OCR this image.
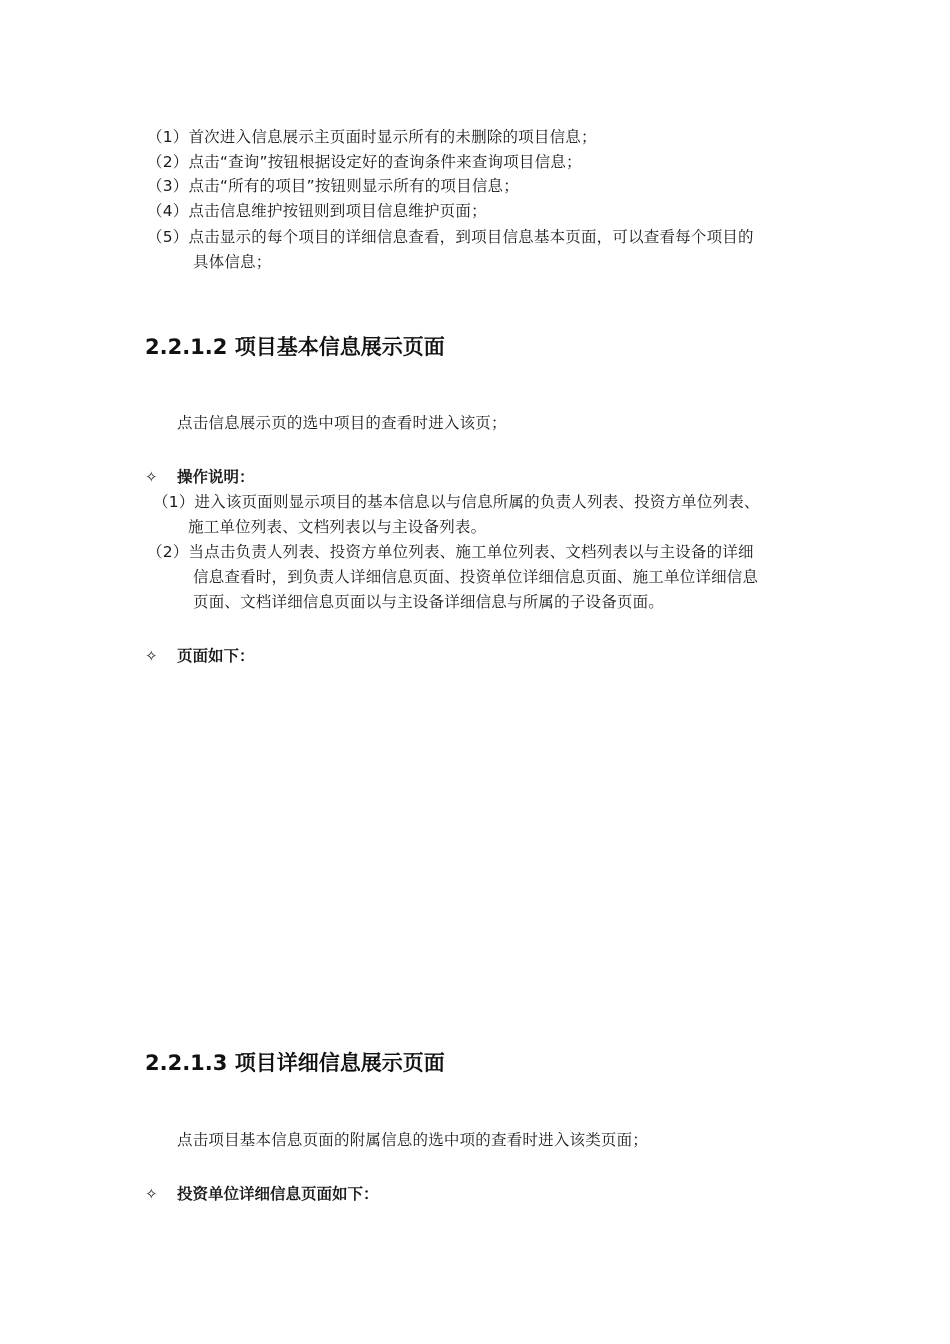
（1）首次进入信息展示主页面时显示所有的未删除的项目信息；
（2）点击“查询”按钮根据设定好的查询条件来查询项目信息；
（3）点击“所有的项目”按钮则显示所有的项目信息；
（4）点击信息维护按钮则到项目信息维护页面；
（5）点击显示的每个项目的详细信息查看，到项目信息基本页面，可以查看每个项目的
具体信息；
2.2.1.2 项目基本信息展示页面
点击信息展示页的选中项目的查看时进入该页；
✧ 操作说明：
（1）进入该页面则显示项目的基本信息以与信息所属的负责人列表、投资方单位列表、
施工单位列表、文档列表以与主设备列表。
（2）当点击负责人列表、投资方单位列表、施工单位列表、文档列表以与主设备的详细
信息查看时，到负责人详细信息页面、投资单位详细信息页面、施工单位详细信息
页面、文档详细信息页面以与主设备详细信息与所属的子设备页面。
✧ 页面如下：
2.2.1.3 项目详细信息展示页面
点击项目基本信息页面的附属信息的选中项的查看时进入该类页面；
✧ 投资单位详细信息页面如下：
